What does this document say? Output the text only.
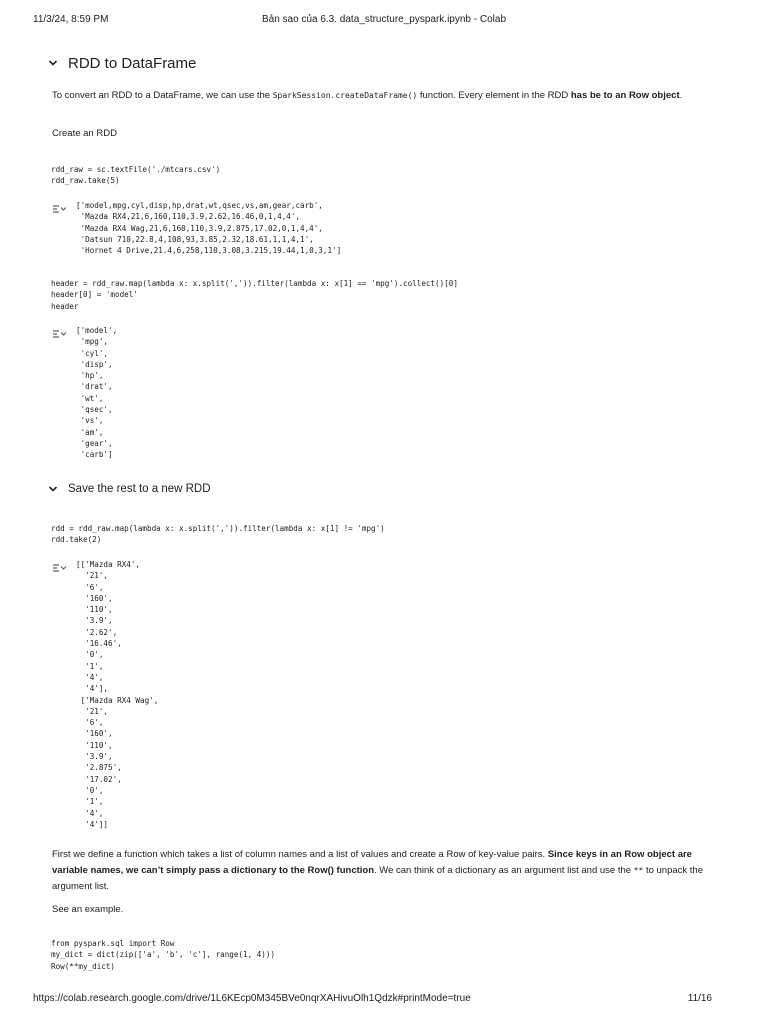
11/3/24, 8:59 PM	Bản sao của 6.3. data_structure_pyspark.ipynb - Colab
RDD to DataFrame
To convert an RDD to a DataFrame, we can use the SparkSession.createDataFrame() function. Every element in the RDD has be to an Row object.
Create an RDD
rdd_raw = sc.textFile('./mtcars.csv')
rdd_raw.take(5)
['model,mpg,cyl,disp,hp,drat,wt,qsec,vs,am,gear,carb',
'Mazda RX4,21,6,160,110,3.9,2.62,16.46,0,1,4,4',
'Mazda RX4 Wag,21,6,160,110,3.9,2.875,17.02,0,1,4,4',
'Datsun 710,22.8,4,108,93,3.85,2.32,18.61,1,1,4,1',
'Hornet 4 Drive,21.4,6,258,110,3.08,3.215,19.44,1,0,3,1']
header = rdd_raw.map(lambda x: x.split(',')).filter(lambda x: x[1] == 'mpg').collect()[0]
header[0] = 'model'
header
['model',
'mpg',
'cyl',
'disp',
'hp',
'drat',
'wt',
'qsec',
'vs',
'am',
'gear',
'carb']
Save the rest to a new RDD
rdd = rdd_raw.map(lambda x: x.split(',')).filter(lambda x: x[1] != 'mpg')
rdd.take(2)
[['Mazda RX4',
'21',
'6',
'160',
'110',
'3.9',
'2.62',
'16.46',
'0',
'1',
'4',
'4'],
['Mazda RX4 Wag',
'21',
'6',
'160',
'110',
'3.9',
'2.875',
'17.02',
'0',
'1',
'4',
'4']]
First we define a function which takes a list of column names and a list of values and create a Row of key-value pairs. Since keys in an Row object are variable names, we can’t simply pass a dictionary to the Row() function. We can think of a dictionary as an argument list and use the ** to unpack the argument list.
See an example.
from pyspark.sql import Row
my_dict = dict(zip(['a', 'b', 'c'], range(1, 4)))
Row(**my_dict)
https://colab.research.google.com/drive/1L6KEcp0M345BVe0nqrXAHivuOlh1Qdzk#printMode=true	11/16
